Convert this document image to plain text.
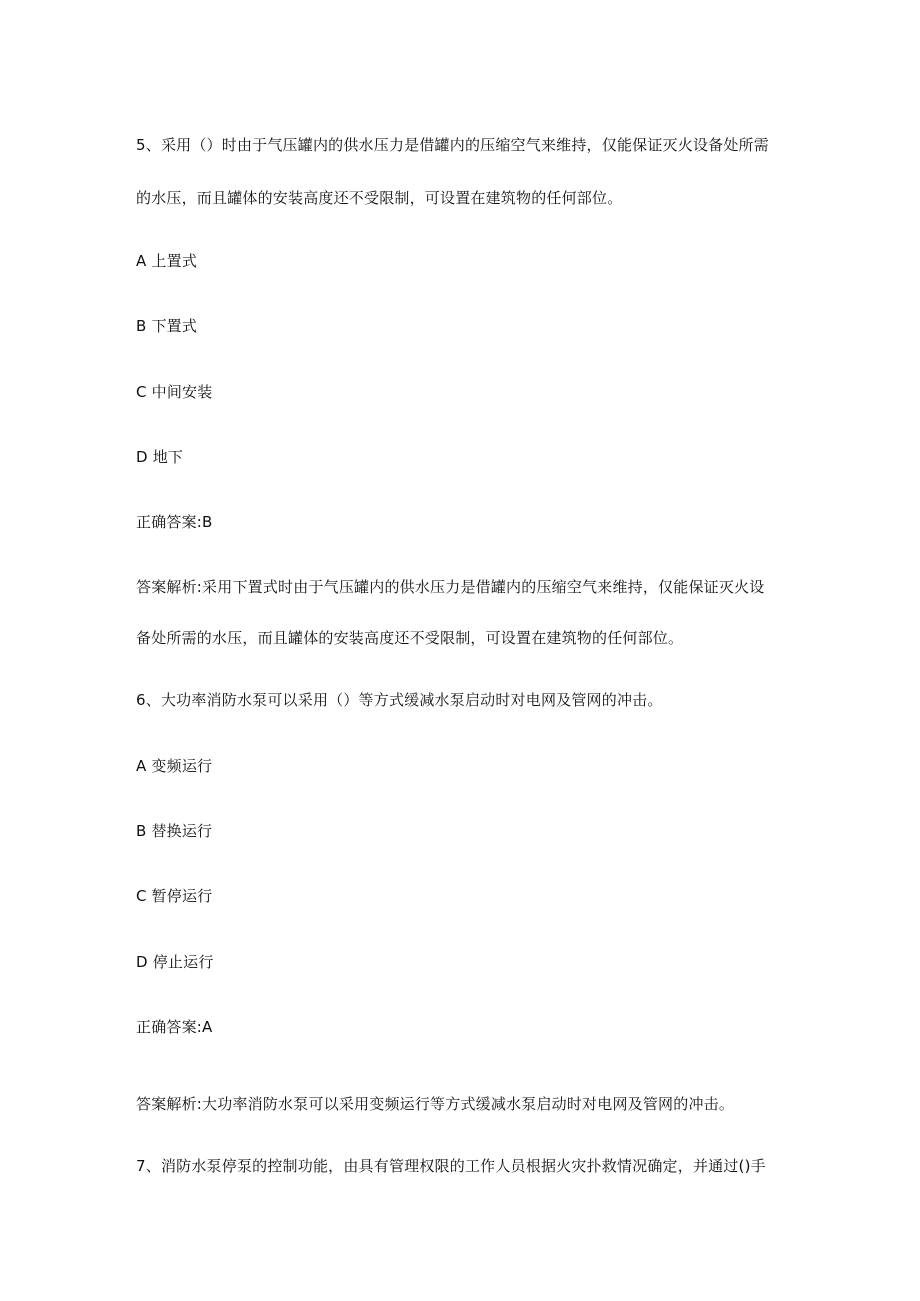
5、采用（）时由于气压罐内的供水压力是借罐内的压缩空气来维持，仅能保证灭火设备处所需
的水压，而且罐体的安装高度还不受限制，可设置在建筑物的任何部位。
A 上置式
B 下置式
C 中间安装
D 地下
正确答案:B
答案解析:采用下置式时由于气压罐内的供水压力是借罐内的压缩空气来维持，仅能保证灭火设
备处所需的水压，而且罐体的安装高度还不受限制，可设置在建筑物的任何部位。
6、大功率消防水泵可以采用（）等方式缓减水泵启动时对电网及管网的冲击。
A 变频运行
B 替换运行
C 暂停运行
D 停止运行
正确答案:A
答案解析:大功率消防水泵可以采用变频运行等方式缓减水泵启动时对电网及管网的冲击。
7、消防水泵停泵的控制功能，由具有管理权限的工作人员根据火灾扑救情况确定，并通过()手
